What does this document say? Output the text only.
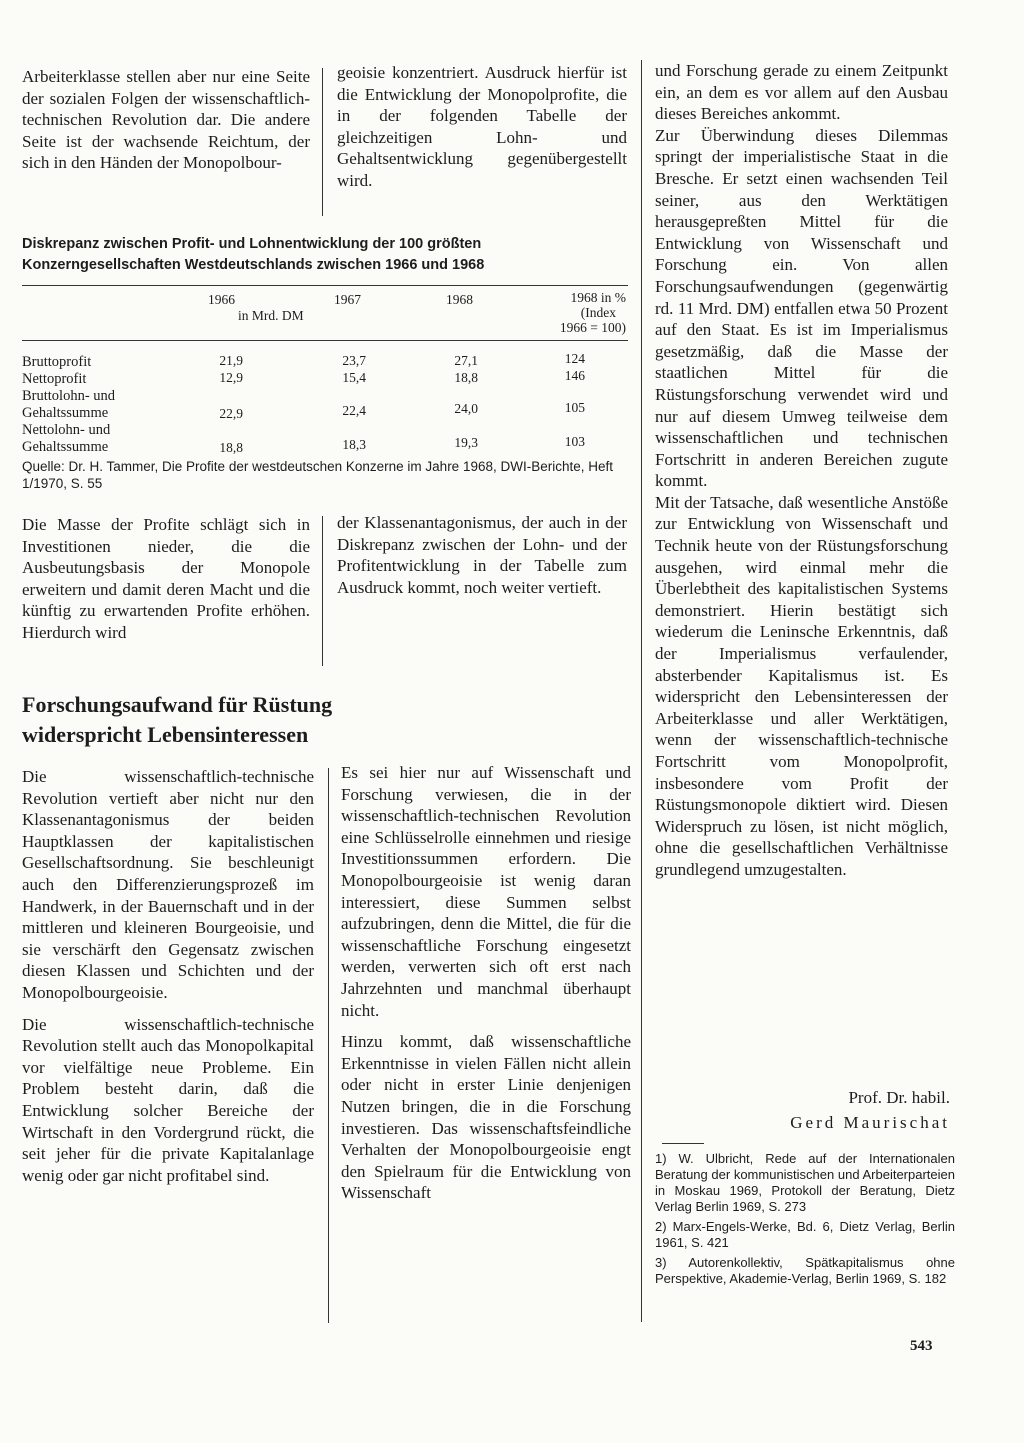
Arbeiterklasse stellen aber nur eine Seite der sozialen Folgen der wissenschaftlich-technischen Revolution dar. Die andere Seite ist der wachsende Reichtum, der sich in den Händen der Monopolbour-

geoisie konzentriert. Ausdruck hierfür ist die Entwicklung der Monopolprofite, die in der folgenden Tabelle der gleichzeitigen Lohn- und Gehaltsentwicklung gegenübergestellt wird.

Diskrepanz zwischen Profit- und Lohnentwicklung der 100 größten Konzerngesellschaften Westdeutschlands zwischen 1966 und 1968
1966	1967	1968
in Mrd. DM
1968 in %
(Index
1966 = 100)
Bruttoprofit	21,9	23,7	27,1	124
Nettoprofit	12,9	15,4	18,8	146
Bruttolohn- und
Gehaltssumme	22,9	22,4	24,0	105
Nettolohn- und
Gehaltssumme	18,8	18,3	19,3	103
Quelle: Dr. H. Tammer, Die Profite der westdeutschen Konzerne im Jahre 1968, DWI-Berichte, Heft 1/1970, S. 55

Die Masse der Profite schlägt sich in Investitionen nieder, die die Ausbeutungsbasis der Monopole erweitern und damit deren Macht und die künftig zu erwartenden Profite erhöhen. Hierdurch wird

der Klassenantagonismus, der auch in der Diskrepanz zwischen der Lohn- und der Profitentwicklung in der Tabelle zum Ausdruck kommt, noch weiter vertieft.

Forschungsaufwand für Rüstung widerspricht Lebensinteressen

Die wissenschaftlich-technische Revolution vertieft aber nicht nur den Klassenantagonismus der beiden Hauptklassen der kapitalistischen Gesellschaftsordnung. Sie beschleunigt auch den Differenzierungsprozeß im Handwerk, in der Bauernschaft und in der mittleren und kleineren Bourgeoisie, und sie verschärft den Gegensatz zwischen diesen Klassen und Schichten und der Monopolbourgeoisie.

Die wissenschaftlich-technische Revolution stellt auch das Monopolkapital vor vielfältige neue Probleme. Ein Problem besteht darin, daß die Entwicklung solcher Bereiche der Wirtschaft in den Vordergrund rückt, die seit jeher für die private Kapitalanlage wenig oder gar nicht profitabel sind.

Es sei hier nur auf Wissenschaft und Forschung verwiesen, die in der wissenschaftlich-technischen Revolution eine Schlüsselrolle einnehmen und riesige Investitionssummen erfordern. Die Monopolbourgeoisie ist wenig daran interessiert, diese Summen selbst aufzubringen, denn die Mittel, die für die wissenschaftliche Forschung eingesetzt werden, verwerten sich oft erst nach Jahrzehnten und manchmal überhaupt nicht.

Hinzu kommt, daß wissenschaftliche Erkenntnisse in vielen Fällen nicht allein oder nicht in erster Linie denjenigen Nutzen bringen, die in die Forschung investieren. Das wissenschaftsfeindliche Verhalten der Monopolbourgeoisie engt den Spielraum für die Entwicklung von Wissenschaft

und Forschung gerade zu einem Zeitpunkt ein, an dem es vor allem auf den Ausbau dieses Bereiches ankommt.

Zur Überwindung dieses Dilemmas springt der imperialistische Staat in die Bresche. Er setzt einen wachsenden Teil seiner, aus den Werktätigen herausgepreßten Mittel für die Entwicklung von Wissenschaft und Forschung ein. Von allen Forschungsaufwendungen (gegenwärtig rd. 11 Mrd. DM) entfallen etwa 50 Prozent auf den Staat. Es ist im Imperialismus gesetzmäßig, daß die Masse der staatlichen Mittel für die Rüstungsforschung verwendet wird und nur auf diesem Umweg teilweise dem wissenschaftlichen und technischen Fortschritt in anderen Bereichen zugute kommt.

Mit der Tatsache, daß wesentliche Anstöße zur Entwicklung von Wissenschaft und Technik heute von der Rüstungsforschung ausgehen, wird einmal mehr die Überlebtheit des kapitalistischen Systems demonstriert. Hierin bestätigt sich wiederum die Leninsche Erkenntnis, daß der Imperialismus verfaulender, absterbender Kapitalismus ist. Es widerspricht den Lebensinteressen der Arbeiterklasse und aller Werktätigen, wenn der wissenschaftlich-technische Fortschritt vom Monopolprofit, insbesondere vom Profit der Rüstungsmonopole diktiert wird. Diesen Widerspruch zu lösen, ist nicht möglich, ohne die gesellschaftlichen Verhältnisse grundlegend umzugestalten.

Prof. Dr. habil.
Gerd Maurischat

1) W. Ulbricht, Rede auf der Internationalen Beratung der kommunistischen und Arbeiterparteien in Moskau 1969, Protokoll der Beratung, Dietz Verlag Berlin 1969, S. 273

2) Marx-Engels-Werke, Bd. 6, Dietz Verlag, Berlin 1961, S. 421

3) Autorenkollektiv, Spätkapitalismus ohne Perspektive, Akademie-Verlag, Berlin 1969, S. 182

543
